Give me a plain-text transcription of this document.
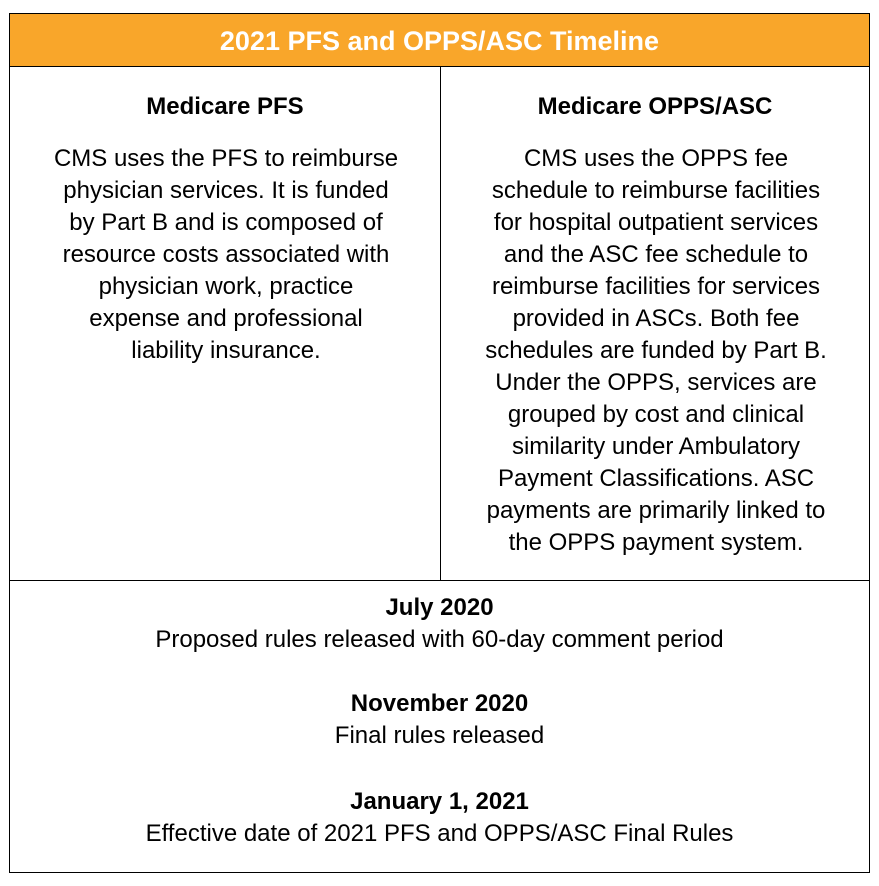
2021 PFS and OPPS/ASC Timeline
Medicare PFS
CMS uses the PFS to reimburse
physician services. It is funded
by Part B and is composed of
resource costs associated with
physician work, practice
expense and professional
liability insurance.
Medicare OPPS/ASC
CMS uses the OPPS fee
schedule to reimburse facilities
for hospital outpatient services
and the ASC fee schedule to
reimburse facilities for services
provided in ASCs. Both fee
schedules are funded by Part B.
Under the OPPS, services are
grouped by cost and clinical
similarity under Ambulatory
Payment Classifications. ASC
payments are primarily linked to
the OPPS payment system.
July 2020
Proposed rules released with 60-day comment period
November 2020
Final rules released
January 1, 2021
Effective date of 2021 PFS and OPPS/ASC Final Rules
